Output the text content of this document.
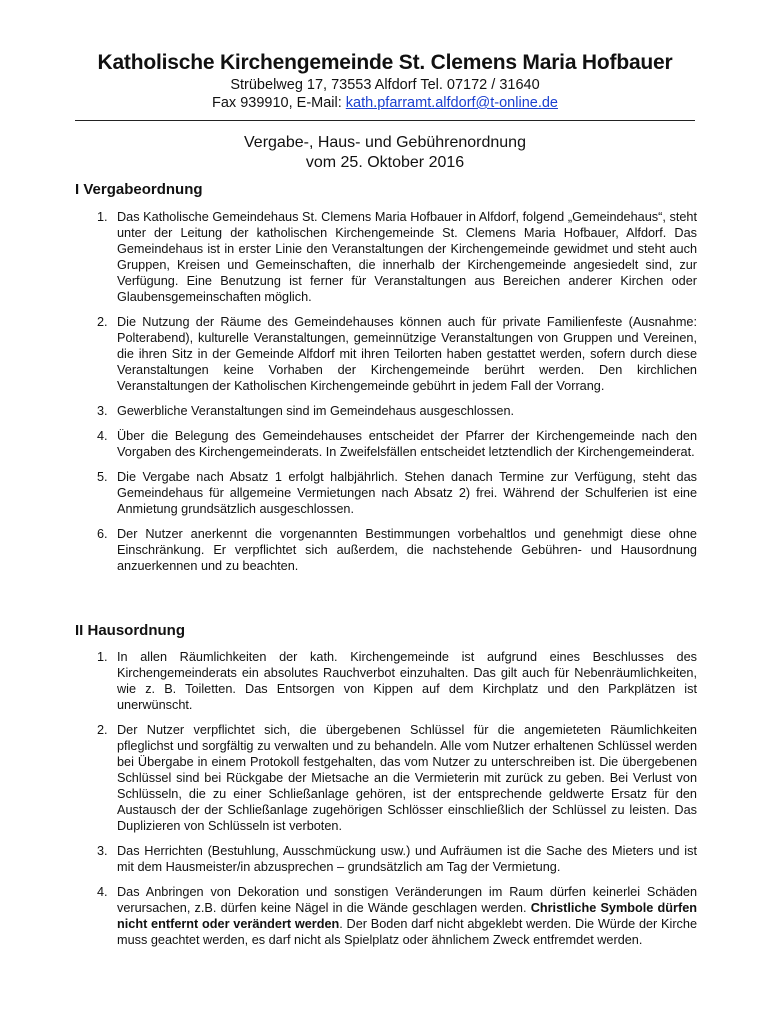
Katholische Kirchengemeinde St. Clemens Maria Hofbauer
Strübelweg 17, 73553 Alfdorf Tel. 07172 / 31640
Fax 939910, E-Mail: kath.pfarramt.alfdorf@t-online.de
Vergabe-, Haus- und Gebührenordnung
vom 25. Oktober 2016
I Vergabeordnung
1. Das Katholische Gemeindehaus St. Clemens Maria Hofbauer in Alfdorf, folgend „Gemeindehaus“, steht unter der Leitung der katholischen Kirchengemeinde St. Clemens Maria Hofbauer, Alfdorf. Das Gemeindehaus ist in erster Linie den Veranstaltungen der Kirchengemeinde gewidmet und steht auch Gruppen, Kreisen und Gemeinschaften, die innerhalb der Kirchengemeinde angesiedelt sind, zur Verfügung. Eine Benutzung ist ferner für Veranstaltungen aus Bereichen anderer Kirchen oder Glaubensgemeinschaften möglich.
2. Die Nutzung der Räume des Gemeindehauses können auch für private Familienfeste (Ausnahme: Polterabend), kulturelle Veranstaltungen, gemeinnützige Veranstaltungen von Gruppen und Vereinen, die ihren Sitz in der Gemeinde Alfdorf mit ihren Teilorten haben gestattet werden, sofern durch diese Veranstaltungen keine Vorhaben der Kirchengemeinde berührt werden. Den kirchlichen Veranstaltungen der Katholischen Kirchengemeinde gebührt in jedem Fall der Vorrang.
3. Gewerbliche Veranstaltungen sind im Gemeindehaus ausgeschlossen.
4. Über die Belegung des Gemeindehauses entscheidet der Pfarrer der Kirchengemeinde nach den Vorgaben des Kirchengemeinderats. In Zweifelsfällen entscheidet letztendlich der Kirchengemeinderat.
5. Die Vergabe nach Absatz 1 erfolgt halbjährlich. Stehen danach Termine zur Verfügung, steht das Gemeindehaus für allgemeine Vermietungen nach Absatz 2) frei. Während der Schulferien ist eine Anmietung grundsätzlich ausgeschlossen.
6. Der Nutzer anerkennt die vorgenannten Bestimmungen vorbehaltlos und genehmigt diese ohne Einschränkung. Er verpflichtet sich außerdem, die nachstehende Gebühren- und Hausordnung anzuerkennen und zu beachten.
II Hausordnung
1. In allen Räumlichkeiten der kath. Kirchengemeinde ist aufgrund eines Beschlusses des Kirchengemeinderats ein absolutes Rauchverbot einzuhalten. Das gilt auch für Nebenräumlichkeiten, wie z. B. Toiletten. Das Entsorgen von Kippen auf dem Kirchplatz und den Parkplätzen ist unerwünscht.
2. Der Nutzer verpflichtet sich, die übergebenen Schlüssel für die angemieteten Räumlichkeiten pfleglichst und sorgfältig zu verwalten und zu behandeln. Alle vom Nutzer erhaltenen Schlüssel werden bei Übergabe in einem Protokoll festgehalten, das vom Nutzer zu unterschreiben ist. Die übergebenen Schlüssel sind bei Rückgabe der Mietsache an die Vermieterin mit zurück zu geben. Bei Verlust von Schlüsseln, die zu einer Schließanlage gehören, ist der entsprechende geldwerte Ersatz für den Austausch der der Schließanlage zugehörigen Schlösser einschließlich der Schlüssel zu leisten. Das Duplizieren von Schlüsseln ist verboten.
3. Das Herrichten (Bestuhlung, Ausschmückung usw.) und Aufräumen ist die Sache des Mieters und ist mit dem Hausmeister/in abzusprechen – grundsätzlich am Tag der Vermietung.
4. Das Anbringen von Dekoration und sonstigen Veränderungen im Raum dürfen keinerlei Schäden verursachen, z.B. dürfen keine Nägel in die Wände geschlagen werden. Christliche Symbole dürfen nicht entfernt oder verändert werden. Der Boden darf nicht abgeklebt werden. Die Würde der Kirche muss geachtet werden, es darf nicht als Spielplatz oder ähnlichem Zweck entfremdet werden.
